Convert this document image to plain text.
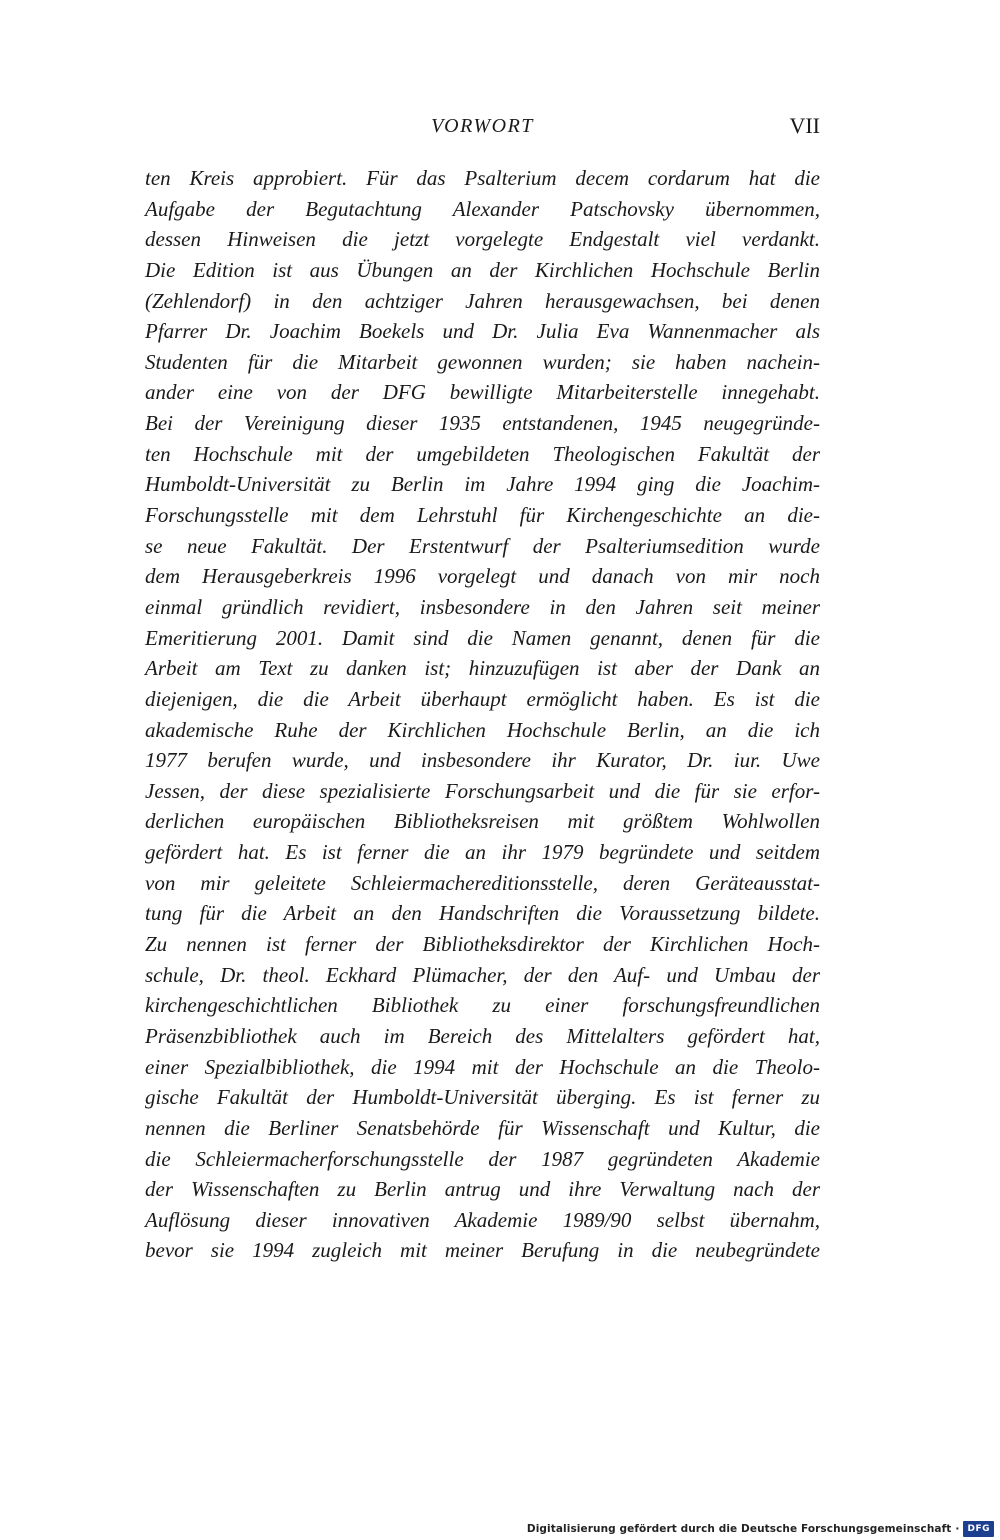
VORWORT	VII
ten Kreis approbiert. Für das Psalterium decem cordarum hat die
Aufgabe der Begutachtung Alexander Patschovsky übernommen,
dessen Hinweisen die jetzt vorgelegte Endgestalt viel verdankt.
Die Edition ist aus Übungen an der Kirchlichen Hochschule Berlin
(Zehlendorf) in den achtziger Jahren herausgewachsen, bei denen
Pfarrer Dr. Joachim Boekels und Dr. Julia Eva Wannenmacher als
Studenten für die Mitarbeit gewonnen wurden; sie haben nachein-
ander eine von der DFG bewilligte Mitarbeiterstelle innegehabt.
Bei der Vereinigung dieser 1935 entstandenen, 1945 neugegründe-
ten Hochschule mit der umgebildeten Theologischen Fakultät der
Humboldt-Universität zu Berlin im Jahre 1994 ging die Joachim-
Forschungsstelle mit dem Lehrstuhl für Kirchengeschichte an die-
se neue Fakultät. Der Erstentwurf der Psalteriumsedition wurde
dem Herausgeberkreis 1996 vorgelegt und danach von mir noch
einmal gründlich revidiert, insbesondere in den Jahren seit meiner
Emeritierung 2001. Damit sind die Namen genannt, denen für die
Arbeit am Text zu danken ist; hinzuzufügen ist aber der Dank an
diejenigen, die die Arbeit überhaupt ermöglicht haben. Es ist die
akademische Ruhe der Kirchlichen Hochschule Berlin, an die ich
1977 berufen wurde, und insbesondere ihr Kurator, Dr. iur. Uwe
Jessen, der diese spezialisierte Forschungsarbeit und die für sie erfor-
derlichen europäischen Bibliotheksreisen mit größtem Wohlwollen
gefördert hat. Es ist ferner die an ihr 1979 begründete und seitdem
von mir geleitete Schleiermachereditionsstelle, deren Geräteausstat-
tung für die Arbeit an den Handschriften die Voraussetzung bildete.
Zu nennen ist ferner der Bibliotheksdirektor der Kirchlichen Hoch-
schule, Dr. theol. Eckhard Plümacher, der den Auf- und Umbau der
kirchengeschichtlichen Bibliothek zu einer forschungsfreundlichen
Präsenzbibliothek auch im Bereich des Mittelalters gefördert hat,
einer Spezialbibliothek, die 1994 mit der Hochschule an die Theolo-
gische Fakultät der Humboldt-Universität überging. Es ist ferner zu
nennen die Berliner Senatsbehörde für Wissenschaft und Kultur, die
die Schleiermacherforschungsstelle der 1987 gegründeten Akademie
der Wissenschaften zu Berlin antrug und ihre Verwaltung nach der
Auflösung dieser innovativen Akademie 1989/90 selbst übernahm,
bevor sie 1994 zugleich mit meiner Berufung in die neubegründete
Digitalisierung gefördert durch die Deutsche Forschungsgemeinschaft · DFG
